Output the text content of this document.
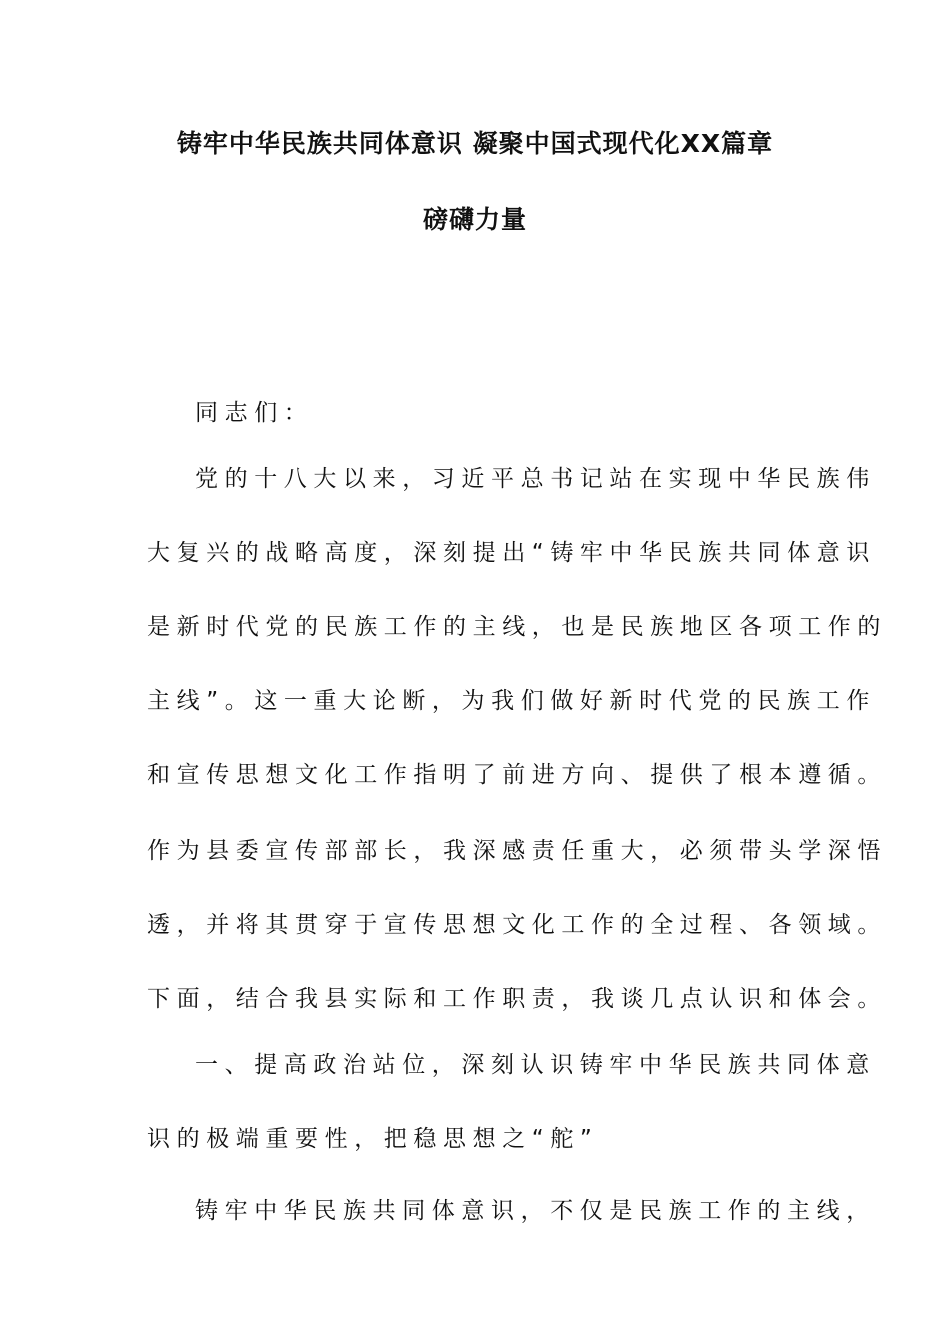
铸牢中华民族共同体意识 凝聚中国式现代化XX篇章
磅礴力量
同志们：
党的十八大以来，习近平总书记站在实现中华民族伟
大复兴的战略高度，深刻提出“铸牢中华民族共同体意识
是新时代党的民族工作的主线，也是民族地区各项工作的
主线”。这一重大论断，为我们做好新时代党的民族工作
和宣传思想文化工作指明了前进方向、提供了根本遵循。
作为县委宣传部部长，我深感责任重大，必须带头学深悟
透，并将其贯穿于宣传思想文化工作的全过程、各领域。
下面，结合我县实际和工作职责，我谈几点认识和体会。
一、提高政治站位，深刻认识铸牢中华民族共同体意
识的极端重要性，把稳思想之“舵”
铸牢中华民族共同体意识，不仅是民族工作的主线，
